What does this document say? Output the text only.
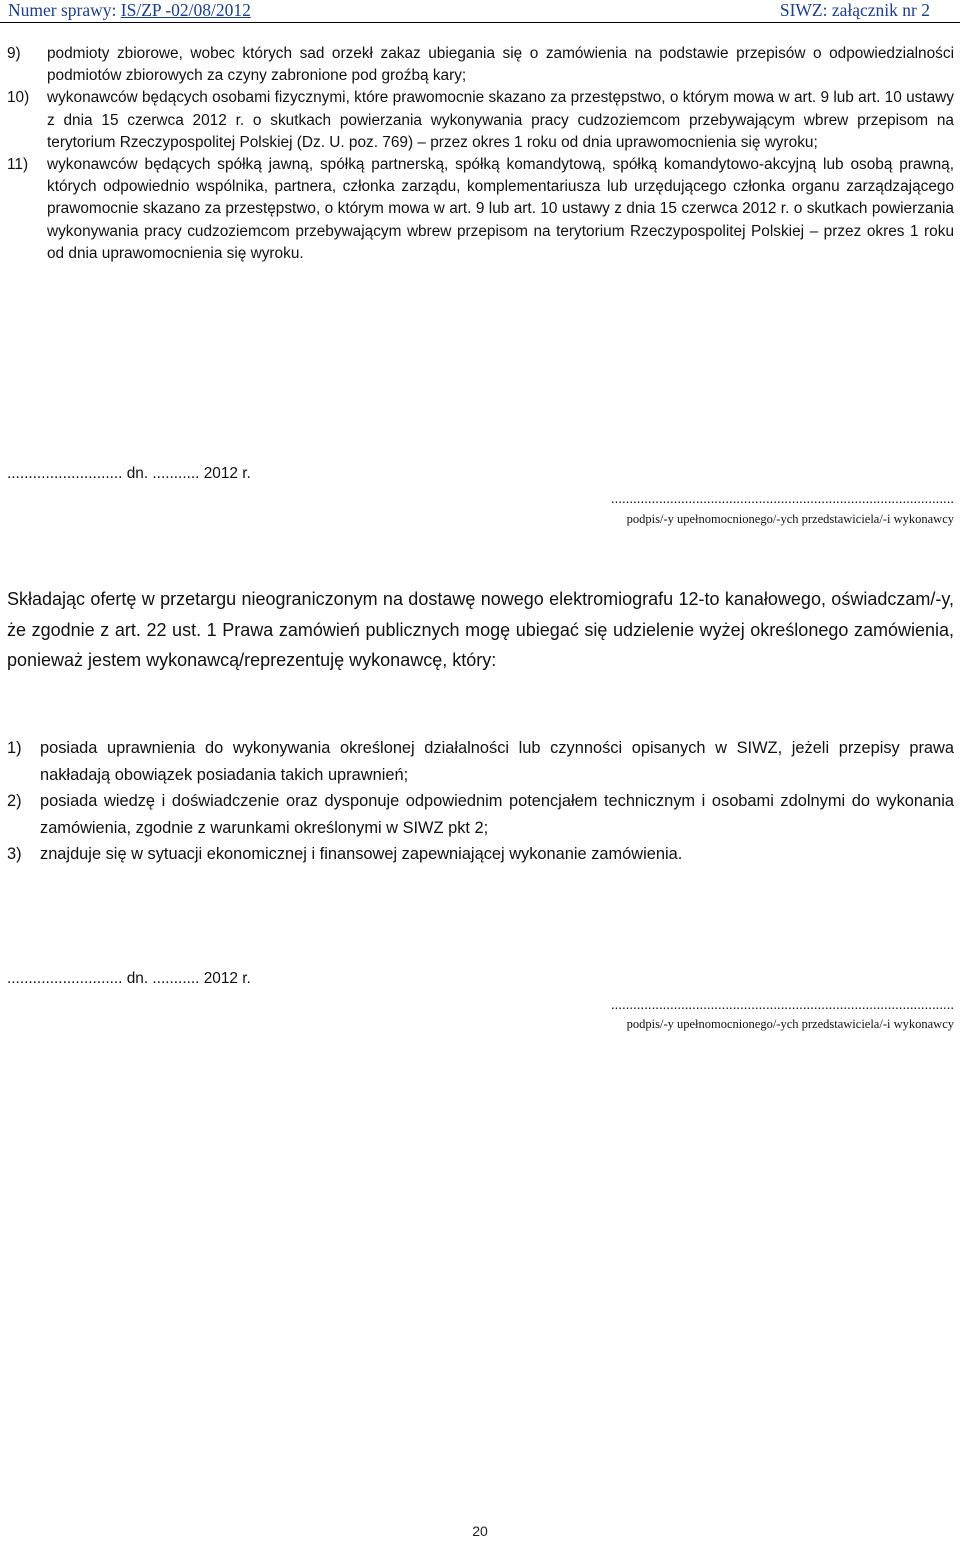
Numer sprawy: IS/ZP -02/08/2012	SIWZ: załącznik nr 2
9) podmioty zbiorowe, wobec których sad orzekł zakaz ubiegania się o zamówienia na podstawie przepisów o odpowiedzialności podmiotów zbiorowych za czyny zabronione pod groźbą kary;
10) wykonawców będących osobami fizycznymi, które prawomocnie skazano za przestępstwo, o którym mowa w art. 9 lub art. 10 ustawy z dnia 15 czerwca 2012 r. o skutkach powierzania wykonywania pracy cudzoziemcom przebywającym wbrew przepisom na terytorium Rzeczypospolitej Polskiej (Dz. U. poz. 769) – przez okres 1 roku od dnia uprawomocnienia się wyroku;
11) wykonawców będących spółką jawną, spółką partnerską, spółką komandytową, spółką komandytowo-akcyjną lub osobą prawną, których odpowiednio wspólnika, partnera, członka zarządu, komplementariusza lub urzędującego członka organu zarządzającego prawomocnie skazano za przestępstwo, o którym mowa w art. 9 lub art. 10 ustawy z dnia 15 czerwca 2012 r. o skutkach powierzania wykonywania pracy cudzoziemcom przebywającym wbrew przepisom na terytorium Rzeczypospolitej Polskiej – przez okres 1 roku od dnia uprawomocnienia się wyroku.
........................... dn. ........... 2012 r.
.............................................................................................
podpis/-y upełnomocnionego/-ych przedstawiciela/-i wykonawcy
Składając ofertę w przetargu nieograniczonym na dostawę nowego elektromiografu 12-to kanałowego, oświadczam/-y, że zgodnie z art. 22 ust. 1 Prawa zamówień publicznych mogę ubiegać się udzielenie wyżej określonego zamówienia, ponieważ jestem wykonawcą/reprezentuję wykonawcę, który:
1) posiada uprawnienia do wykonywania określonej działalności lub czynności opisanych w SIWZ, jeżeli przepisy prawa nakładają obowiązek posiadania takich uprawnień;
2) posiada wiedzę i doświadczenie oraz dysponuje odpowiednim potencjałem technicznym i osobami zdolnymi do wykonania zamówienia, zgodnie z warunkami określonymi w SIWZ pkt 2;
3) znajduje się w sytuacji ekonomicznej i finansowej zapewniającej wykonanie zamówienia.
........................... dn. ........... 2012 r.
.............................................................................................
podpis/-y upełnomocnionego/-ych przedstawiciela/-i wykonawcy
20
